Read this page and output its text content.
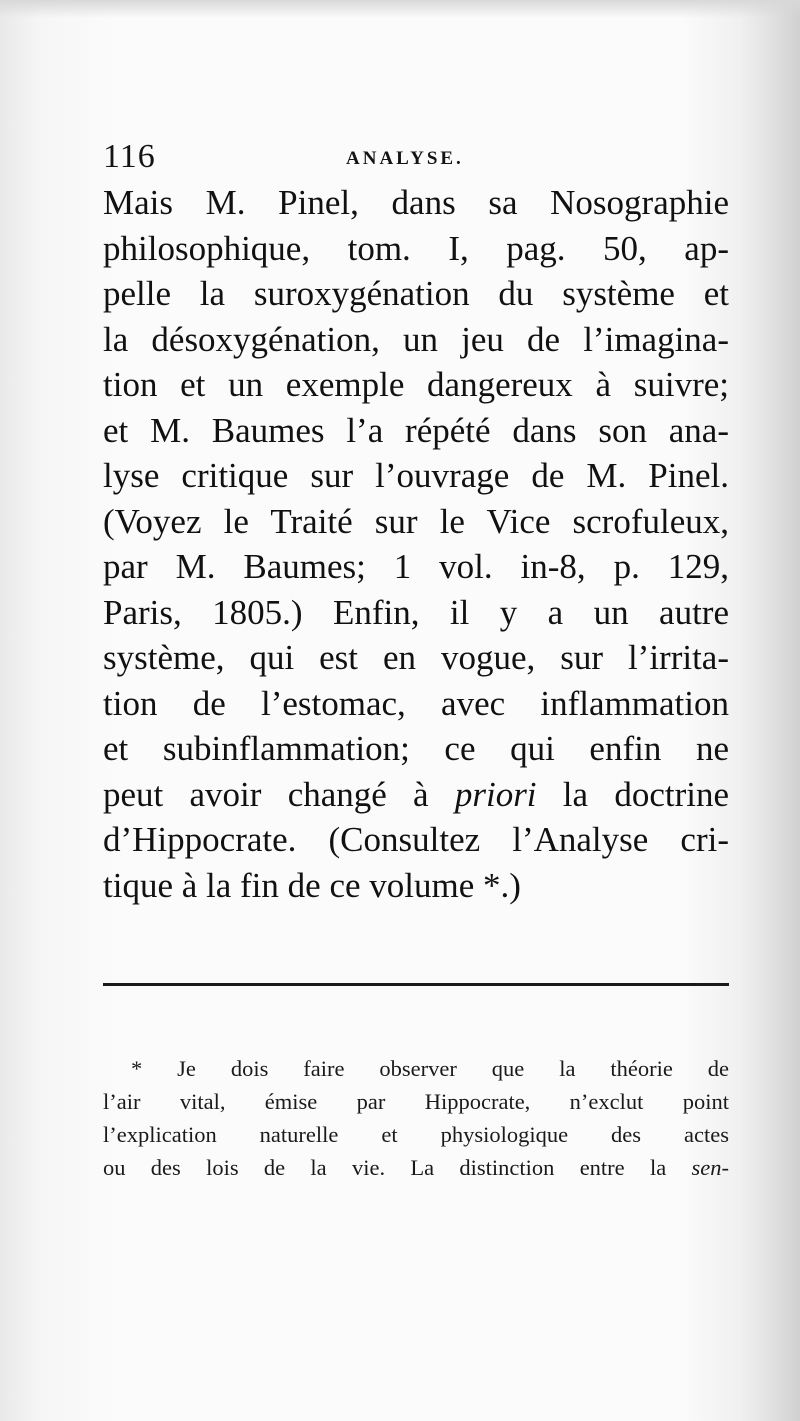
116	ANALYSE.
Mais M. Pinel, dans sa Nosographie
philosophique, tom. I, pag. 50, ap-
pelle la suroxygénation du système et
la désoxygénation, un jeu de l’imagina-
tion et un exemple dangereux à suivre;
et M. Baumes l’a répété dans son ana-
lyse critique sur l’ouvrage de M. Pinel.
(Voyez le Traité sur le Vice scrofuleux,
par M. Baumes; 1 vol. in-8, p. 129,
Paris, 1805.) Enfin, il y a un autre
système, qui est en vogue, sur l’irrita-
tion de l’estomac, avec inflammation
et subinflammation; ce qui enfin ne
peut avoir changé à priori la doctrine
d’Hippocrate. (Consultez l’Analyse cri-
tique à la fin de ce volume *.)
* Je dois faire observer que la théorie de
l’air vital, émise par Hippocrate, n’exclut point
l’explication naturelle et physiologique des actes
ou des lois de la vie. La distinction entre la sen-
